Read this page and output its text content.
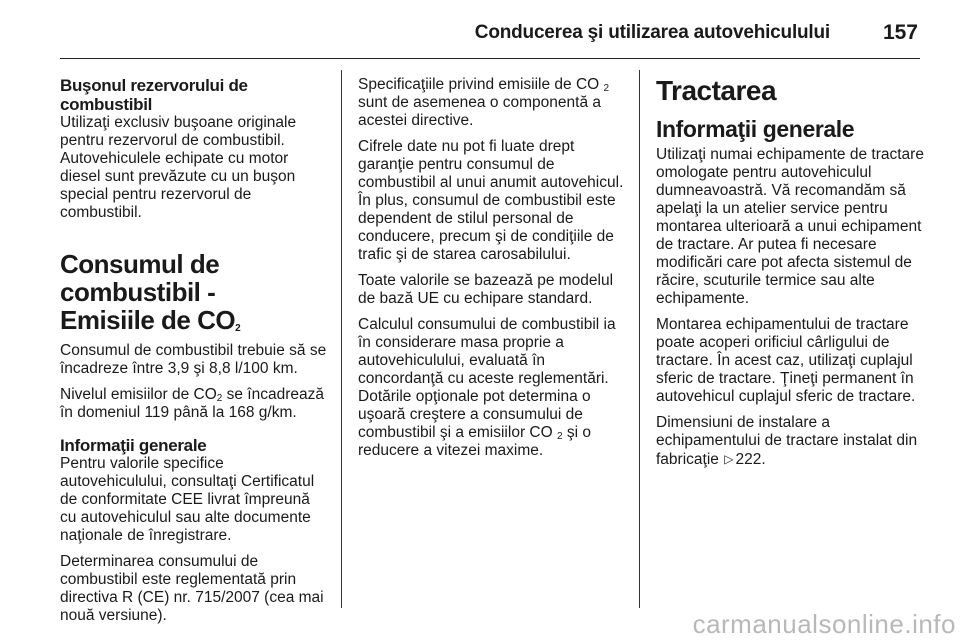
Conducerea şi utilizarea autovehiculului	157
Buşonul rezervorului de combustibil

Utilizaţi exclusiv buşoane originale pentru rezervorul de combustibil. Autovehiculele echipate cu motor diesel sunt prevăzute cu un buşon special pentru rezervorul de combustibil.

Consumul de combustibil -
Emisiile de $CO_2$

Consumul de combustibil trebuie să se încadreze între 3,9 şi 8,8 l/100 km.

Nivelul emisiilor de $CO_2$ se încadrează în domeniul 119 până la 168 g/km.

Informaţii generale

Pentru valorile specifice autovehiculului, consultaţi Certificatul de conformitate CEE livrat împreună cu autovehiculul sau alte documente naţionale de înregistrare.

Determinarea consumului de combustibil este reglementată prin directiva R (CE) nr. 715/2007 (cea mai nouă versiune).

Specificaţiile privind emisiile de CO $_2$ sunt de asemenea o componentă a acestei directive.

Cifrele date nu pot fi luate drept garanţie pentru consumul de combustibil al unui anumit autovehicul. În plus, consumul de combustibil este dependent de stilul personal de conducere, precum şi de condiţiile de trafic şi de starea carosabilului.

Toate valorile se bazează pe modelul de bază UE cu echipare standard.

Calculul consumului de combustibil ia în considerare masa proprie a autovehiculului, evaluată în concordanţă cu aceste reglementări. Dotările opţionale pot determina o uşoară creştere a consumului de combustibil şi a emisiilor CO $_2$ şi o reducere a vitezei maxime.

Tractarea
Informaţii generale

Utilizaţi numai echipamente de tractare omologate pentru autovehiculul dumneavoastră. Vă recomandăm să apelaţi la un atelier service pentru montarea ulterioară a unui echipament de tractare. Ar putea fi necesare modificări care pot afecta sistemul de răcire, scuturile termice sau alte echipamente.

Montarea echipamentului de tractare poate acoperi orificiul cârligului de tractare. În acest caz, utilizaţi cuplajul sferic de tractare. Ţineţi permanent în autovehicul cuplajul sferic de tractare.

Dimensiuni de instalare a echipamentului de tractare instalat din fabricaţie ▷ 222.

carmanualsonline.info
